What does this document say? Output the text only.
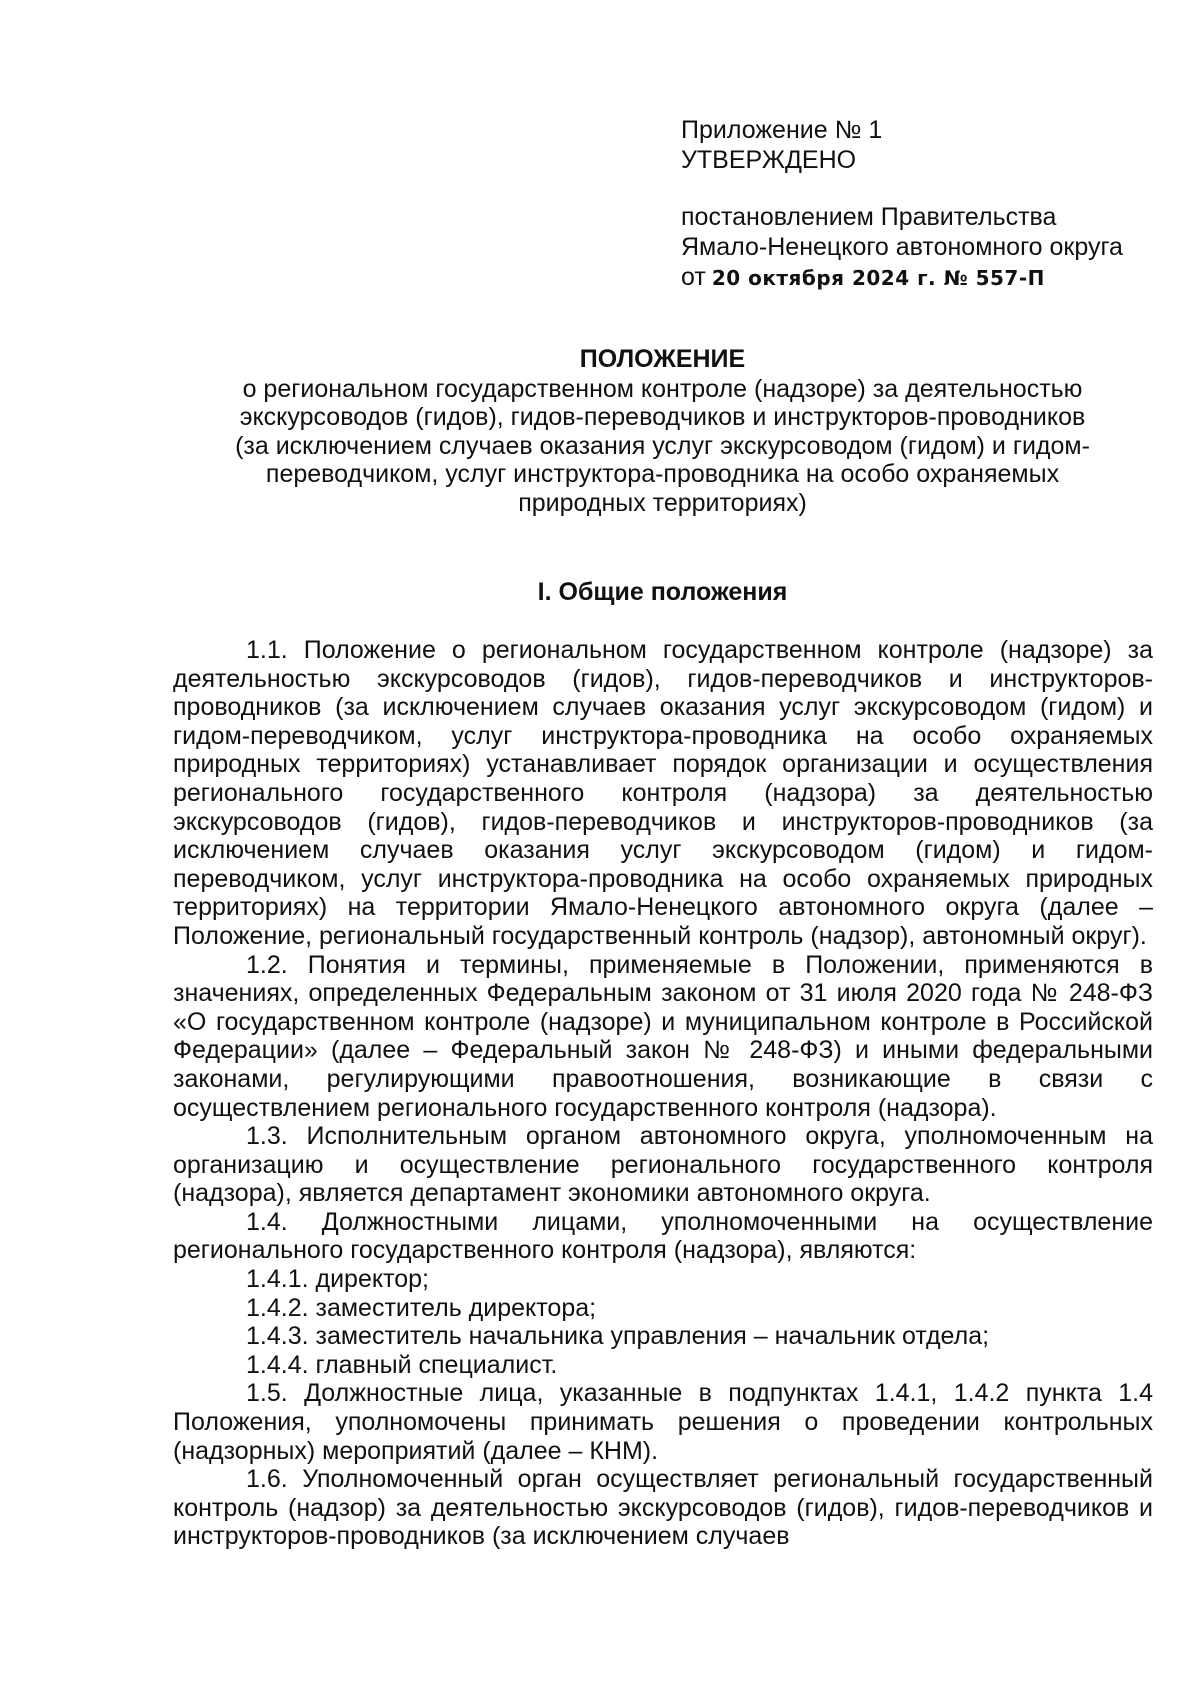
Приложение № 1
УТВЕРЖДЕНО
постановлением Правительства
Ямало-Ненецкого автономного округа
от 20 октября 2024 г. № 557-П
ПОЛОЖЕНИЕ
о региональном государственном контроле (надзоре) за деятельностью
экскурсоводов (гидов), гидов-переводчиков и инструкторов-проводников
(за исключением случаев оказания услуг экскурсоводом (гидом) и гидом-
переводчиком, услуг инструктора-проводника на особо охраняемых
природных территориях)
I. Общие положения

1.1. Положение о региональном государственном контроле (надзоре) за деятельностью экскурсоводов (гидов), гидов-переводчиков и инструкторов-проводников (за исключением случаев оказания услуг экскурсоводом (гидом) и гидом-переводчиком, услуг инструктора-проводника на особо охраняемых природных территориях) устанавливает порядок организации и осуществления регионального государственного контроля (надзора) за деятельностью экскурсоводов (гидов), гидов-переводчиков и инструкторов-проводников (за исключением случаев оказания услуг экскурсоводом (гидом) и гидом-переводчиком, услуг инструктора-проводника на особо охраняемых природных территориях) на территории Ямало-Ненецкого автономного округа (далее – Положение, региональный государственный контроль (надзор), автономный округ).

1.2. Понятия и термины, применяемые в Положении, применяются в значениях, определенных Федеральным законом от 31 июля 2020 года № 248-ФЗ «О государственном контроле (надзоре) и муниципальном контроле в Российской Федерации» (далее – Федеральный закон № 248-ФЗ) и иными федеральными законами, регулирующими правоотношения, возникающие в связи с осуществлением регионального государственного контроля (надзора).

1.3. Исполнительным органом автономного округа, уполномоченным на организацию и осуществление регионального государственного контроля (надзора), является департамент экономики автономного округа.

1.4. Должностными лицами, уполномоченными на осуществление регионального государственного контроля (надзора), являются:

1.4.1. директор;

1.4.2. заместитель директора;

1.4.3. заместитель начальника управления – начальник отдела;

1.4.4. главный специалист.

1.5. Должностные лица, указанные в подпунктах 1.4.1, 1.4.2 пункта 1.4 Положения, уполномочены принимать решения о проведении контрольных (надзорных) мероприятий (далее – КНМ).

1.6. Уполномоченный орган осуществляет региональный государственный контроль (надзор) за деятельностью экскурсоводов (гидов), гидов-переводчиков и инструкторов-проводников (за исключением случаев
